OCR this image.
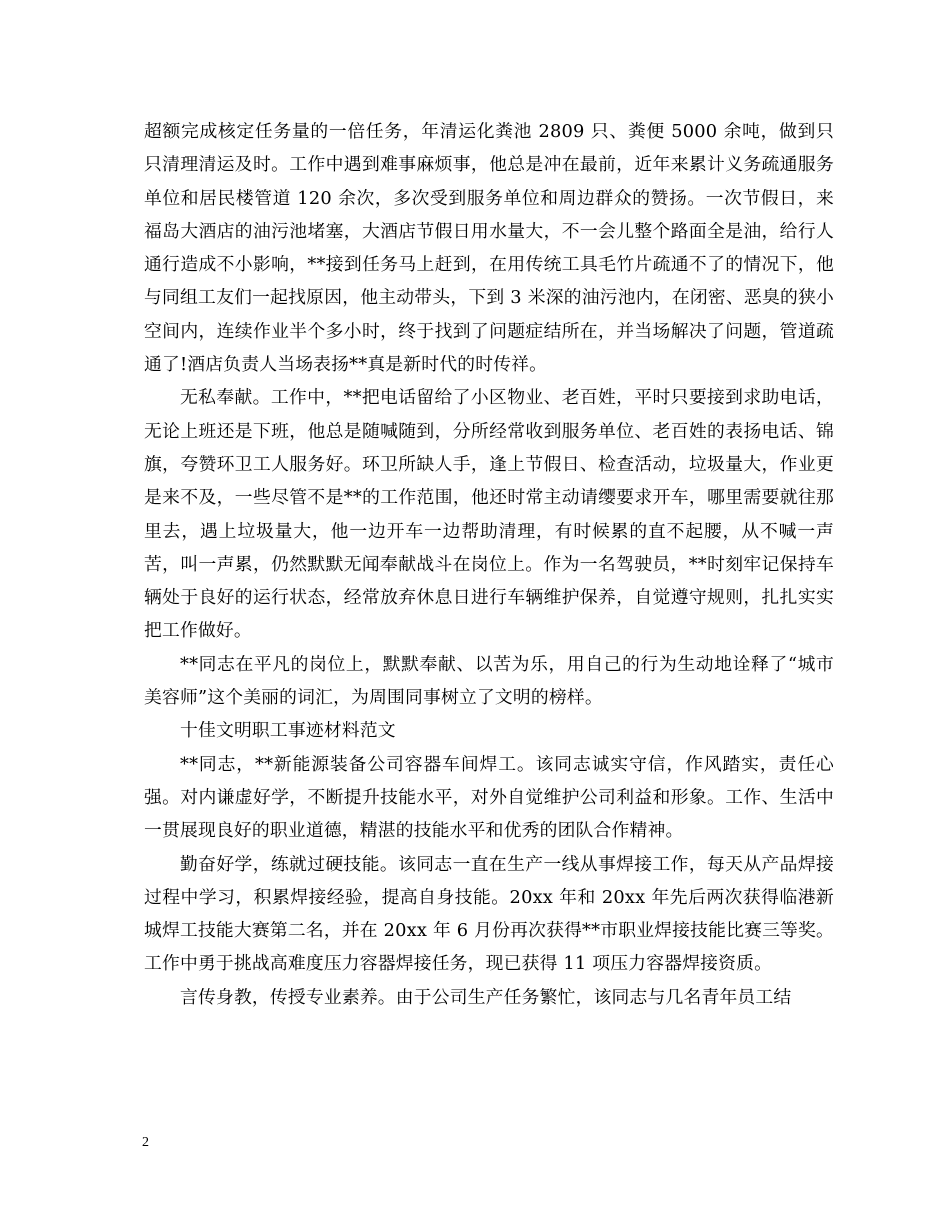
超额完成核定任务量的一倍任务，年清运化粪池 2809 只、粪便 5000 余吨，做到只只清理清运及时。工作中遇到难事麻烦事，他总是冲在最前，近年来累计义务疏通服务单位和居民楼管道 120 余次，多次受到服务单位和周边群众的赞扬。一次节假日，来福岛大酒店的油污池堵塞，大酒店节假日用水量大，不一会儿整个路面全是油，给行人通行造成不小影响，**接到任务马上赶到，在用传统工具毛竹片疏通不了的情况下，他与同组工友们一起找原因，他主动带头，下到 3 米深的油污池内，在闭密、恶臭的狭小空间内，连续作业半个多小时，终于找到了问题症结所在，并当场解决了问题，管道疏通了!酒店负责人当场表扬**真是新时代的时传祥。

无私奉献。工作中，**把电话留给了小区物业、老百姓，平时只要接到求助电话，无论上班还是下班，他总是随喊随到，分所经常收到服务单位、老百姓的表扬电话、锦旗，夸赞环卫工人服务好。环卫所缺人手，逢上节假日、检查活动，垃圾量大，作业更是来不及，一些尽管不是**的工作范围，他还时常主动请缨要求开车，哪里需要就往那里去，遇上垃圾量大，他一边开车一边帮助清理，有时候累的直不起腰，从不喊一声苦，叫一声累，仍然默默无闻奉献战斗在岗位上。作为一名驾驶员，**时刻牢记保持车辆处于良好的运行状态，经常放弃休息日进行车辆维护保养，自觉遵守规则，扎扎实实把工作做好。

**同志在平凡的岗位上，默默奉献、以苦为乐，用自己的行为生动地诠释了“城市美容师”这个美丽的词汇，为周围同事树立了文明的榜样。

十佳文明职工事迹材料范文

**同志，**新能源装备公司容器车间焊工。该同志诚实守信，作风踏实，责任心强。对内谦虚好学，不断提升技能水平，对外自觉维护公司利益和形象。工作、生活中一贯展现良好的职业道德，精湛的技能水平和优秀的团队合作精神。

勤奋好学，练就过硬技能。该同志一直在生产一线从事焊接工作，每天从产品焊接过程中学习，积累焊接经验，提高自身技能。20xx 年和 20xx 年先后两次获得临港新城焊工技能大赛第二名，并在 20xx 年 6 月份再次获得**市职业焊接技能比赛三等奖。工作中勇于挑战高难度压力容器焊接任务，现已获得 11 项压力容器焊接资质。

言传身教，传授专业素养。由于公司生产任务繁忙，该同志与几名青年员工结

2
